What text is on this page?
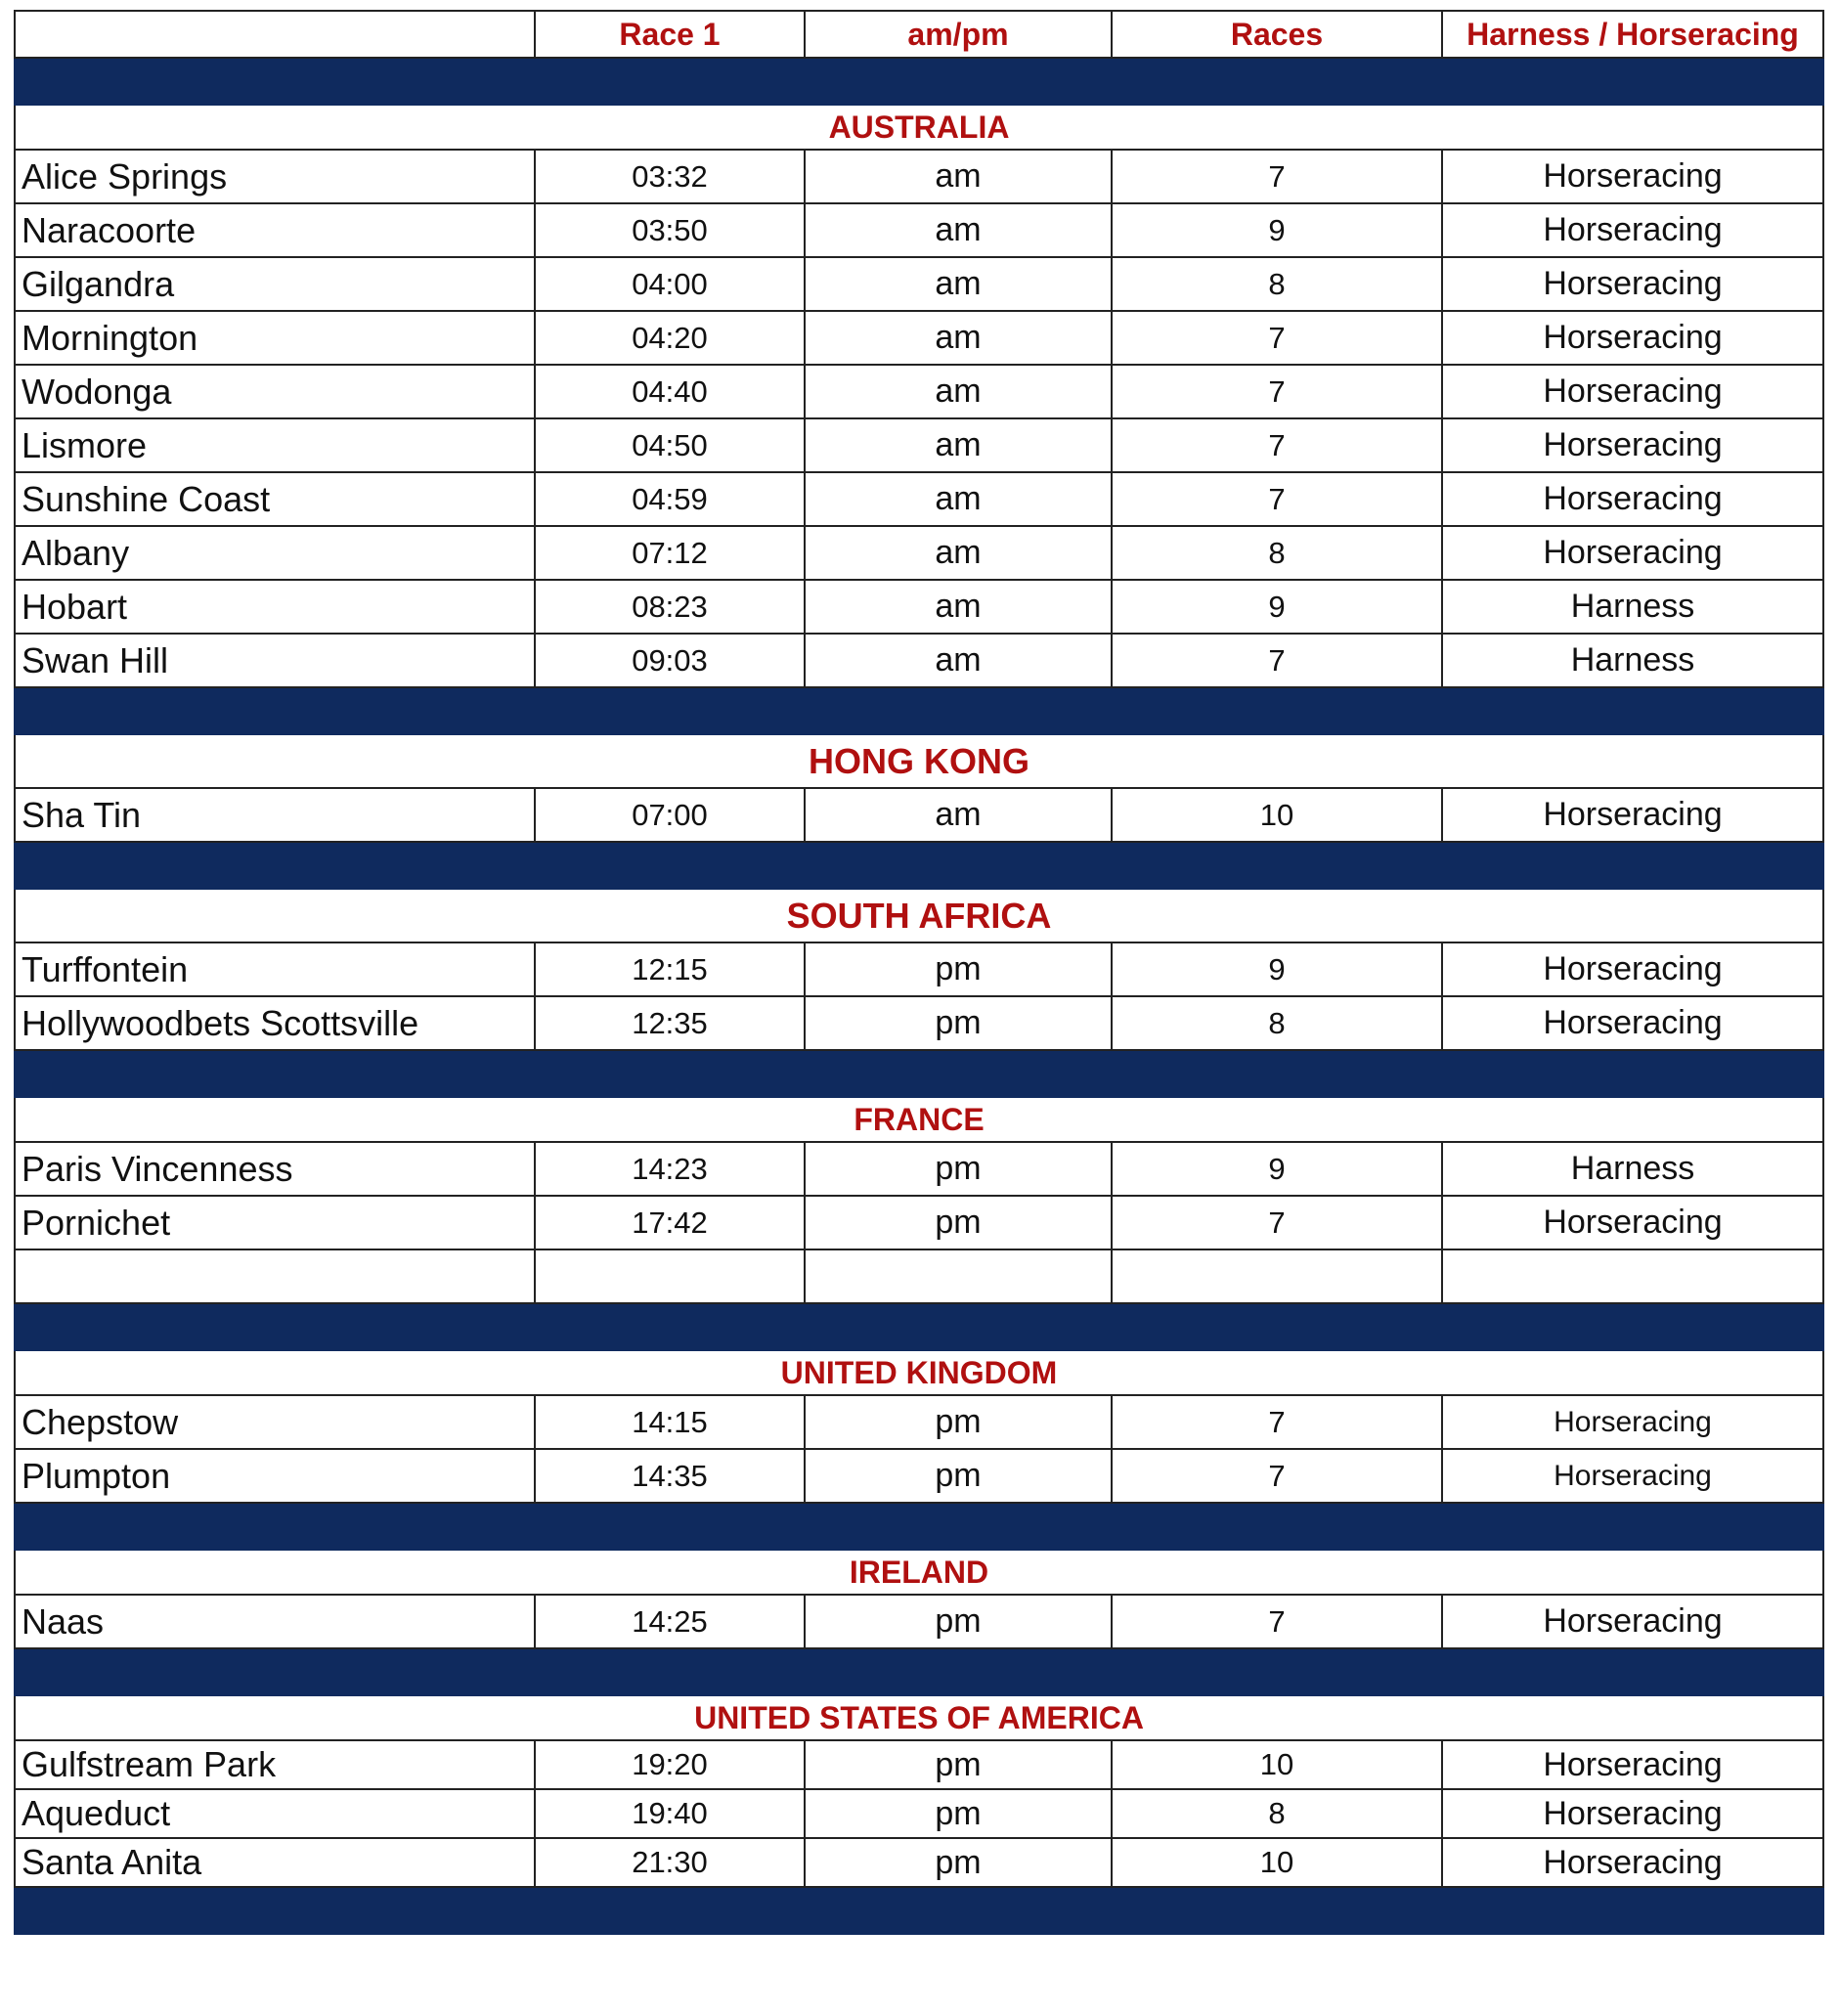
	Race 1	am/pm	Races	Harness / Horseracing

AUSTRALIA				
Alice Springs	03:32	am	7	Horseracing
Naracoorte	03:50	am	9	Horseracing
Gilgandra	04:00	am	8	Horseracing
Mornington	04:20	am	7	Horseracing
Wodonga	04:40	am	7	Horseracing
Lismore	04:50	am	7	Horseracing
Sunshine Coast	04:59	am	7	Horseracing
Albany	07:12	am	8	Horseracing
Hobart	08:23	am	9	Harness
Swan Hill	09:03	am	7	Harness

HONG KONG				
Sha Tin	07:00	am	10	Horseracing

SOUTH AFRICA				
Turffontein	12:15	pm	9	Horseracing
Hollywoodbets Scottsville	12:35	pm	8	Horseracing

FRANCE				
Paris Vincenness	14:23	pm	9	Harness
Pornichet	17:42	pm	7	Horseracing

UNITED KINGDOM				
Chepstow	14:15	pm	7	Horseracing
Plumpton	14:35	pm	7	Horseracing

IRELAND				
Naas	14:25	pm	7	Horseracing

UNITED STATES OF AMERICA				
Gulfstream Park	19:20	pm	10	Horseracing
Aqueduct	19:40	pm	8	Horseracing
Santa Anita	21:30	pm	10	Horseracing
